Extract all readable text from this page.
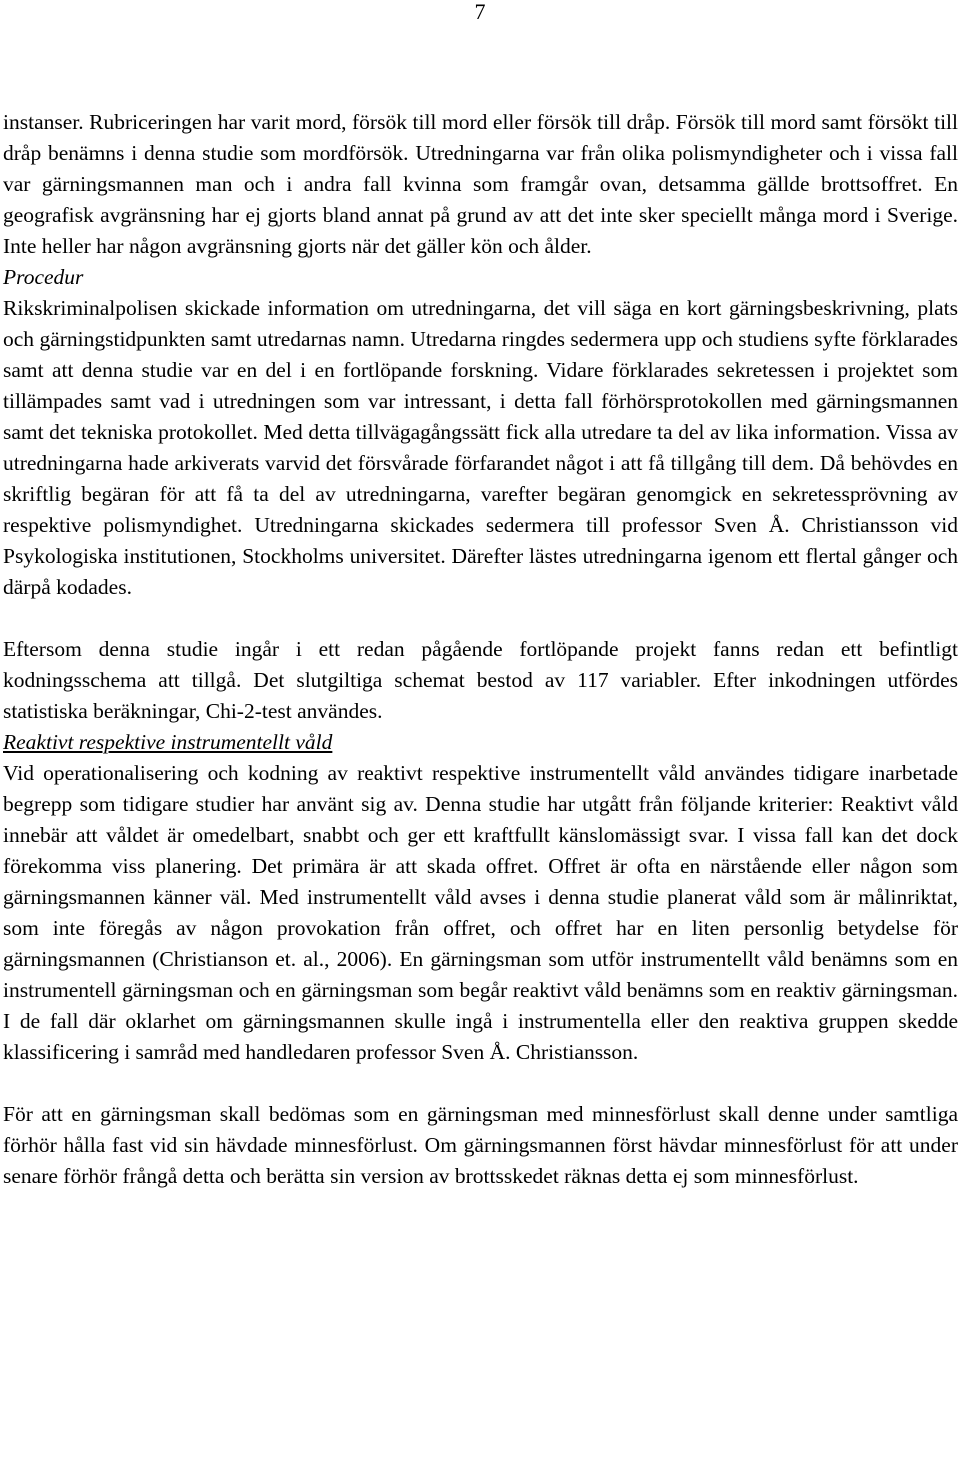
7

instanser. Rubriceringen har varit mord, försök till mord eller försök till dråp. Försök till mord samt försökt till dråp benämns i denna studie som mordförsök. Utredningarna var från olika polismyndigheter och i vissa fall var gärningsmannen man och i andra fall kvinna som framgår ovan, detsamma gällde brottsoffret. En geografisk avgränsning har ej gjorts bland annat på grund av att det inte sker speciellt många mord i Sverige. Inte heller har någon avgränsning gjorts när det gäller kön och ålder.

Procedur

Rikskriminalpolisen skickade information om utredningarna, det vill säga en kort gärningsbeskrivning, plats och gärningstidpunkten samt utredarnas namn. Utredarna ringdes sedermera upp och studiens syfte förklarades samt att denna studie var en del i en fortlöpande forskning. Vidare förklarades sekretessen i projektet som tillämpades samt vad i utredningen som var intressant, i detta fall förhörsprotokollen med gärningsmannen samt det tekniska protokollet. Med detta tillvägagångssätt fick alla utredare ta del av lika information. Vissa av utredningarna hade arkiverats varvid det försvårade förfarandet något i att få tillgång till dem. Då behövdes en skriftlig begäran för att få ta del av utredningarna, varefter begäran genomgick en sekretessprövning av respektive polismyndighet. Utredningarna skickades sedermera till professor Sven Å. Christiansson vid Psykologiska institutionen, Stockholms universitet. Därefter lästes utredningarna igenom ett flertal gånger och därpå kodades.

Eftersom denna studie ingår i ett redan pågående fortlöpande projekt fanns redan ett befintligt kodningsschema att tillgå. Det slutgiltiga schemat bestod av 117 variabler. Efter inkodningen utfördes statistiska beräkningar, Chi-2-test användes.

Reaktivt respektive instrumentellt våld

Vid operationalisering och kodning av reaktivt respektive instrumentellt våld användes tidigare inarbetade begrepp som tidigare studier har använt sig av. Denna studie har utgått från följande kriterier: Reaktivt våld innebär att våldet är omedelbart, snabbt och ger ett kraftfullt känslomässigt svar. I vissa fall kan det dock förekomma viss planering. Det primära är att skada offret. Offret är ofta en närstående eller någon som gärningsmannen känner väl. Med instrumentellt våld avses i denna studie planerat våld som är målinriktat, som inte föregås av någon provokation från offret, och offret har en liten personlig betydelse för gärningsmannen (Christianson et. al., 2006). En gärningsman som utför instrumentellt våld benämns som en instrumentell gärningsman och en gärningsman som begår reaktivt våld benämns som en reaktiv gärningsman. I de fall där oklarhet om gärningsmannen skulle ingå i instrumentella eller den reaktiva gruppen skedde klassificering i samråd med handledaren professor Sven Å. Christiansson.

För att en gärningsman skall bedömas som en gärningsman med minnesförlust skall denne under samtliga förhör hålla fast vid sin hävdade minnesförlust. Om gärningsmannen först hävdar minnesförlust för att under senare förhör frångå detta och berätta sin version av brottsskedet räknas detta ej som minnesförlust.
